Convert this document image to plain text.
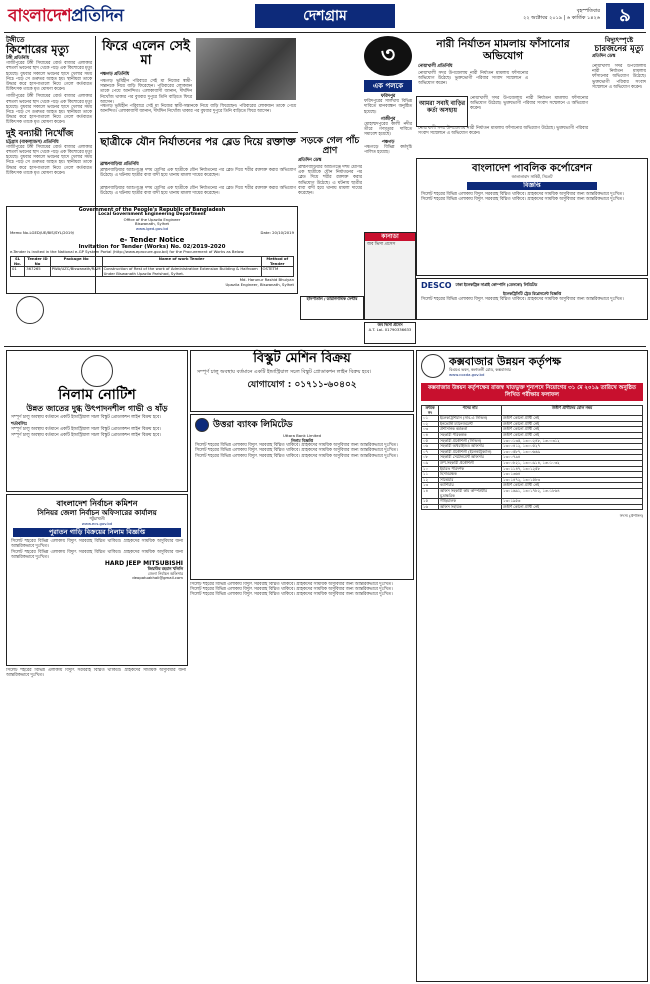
বাংলাদেশপ্রতিদিন	দেশগ্রাম	বৃহস্পতিবার
২২ অক্টোবর ২০১৯ | ৬ কার্তিক ১৪২৬	৯
টঙ্গীতে
কিশোরের মৃত্যু
টঙ্গী প্রতিনিধি
গাজীপুরের টঙ্গী সিয়ামের বোর্ড বাজার এলাকার বহুতল ভবনের ছাদ থেকে পড়ে এক কিশোরের মৃত্যু হয়েছে। বুধবার সকালে ভবনের ছাদে খেলার সময় নিচে পড়ে সে গুরুতর আহত হয়। স্থানীয়রা তাকে উদ্ধার করে হাসপাতালে নিয়ে গেলে কর্তব্যরত চিকিৎসক তাকে মৃত ঘোষণা করেন।
গাজীপুরের টঙ্গী সিয়ামের বোর্ড বাজার এলাকার বহুতল ভবনের ছাদ থেকে পড়ে এক কিশোরের মৃত্যু হয়েছে। বুধবার সকালে ভবনের ছাদে খেলার সময় নিচে পড়ে সে গুরুতর আহত হয়। স্থানীয়রা তাকে উদ্ধার করে হাসপাতালে নিয়ে গেলে কর্তব্যরত চিকিৎসক তাকে মৃত ঘোষণা করেন।
দুই বন্যায়ী নিখোঁজ
চট্টগ্রাম (বাকল্যান্ডস) প্রতিনিধি
গাজীপুরের টঙ্গী সিয়ামের বোর্ড বাজার এলাকার বহুতল ভবনের ছাদ থেকে পড়ে এক কিশোরের মৃত্যু হয়েছে। বুধবার সকালে ভবনের ছাদে খেলার সময় নিচে পড়ে সে গুরুতর আহত হয়। স্থানীয়রা তাকে উদ্ধার করে হাসপাতালে নিয়ে গেলে কর্তব্যরত চিকিৎসক তাকে মৃত ঘোষণা করেন।
ফিরে এলেন সেই মা
পঞ্চগড় প্রতিনিধি
পঞ্চগড় ভূমিহীন পরিবারে সেই মা নিজের স্বামী-সন্তানকে নিয়ে বাড়ি ফিরেছেন। পরিবারের লোকজন তাকে পেয়ে আনন্দিত। এলাকাবাসী জানান, দীর্ঘদিন নিখোঁজ থাকার পর বুধবার দুপুরে তিনি বাড়িতে ফিরে আসেন।
পঞ্চগড় ভূমিহীন পরিবারে সেই মা নিজের স্বামী-সন্তানকে নিয়ে বাড়ি ফিরেছেন। পরিবারের লোকজন তাকে পেয়ে আনন্দিত। এলাকাবাসী জানান, দীর্ঘদিন নিখোঁজ থাকার পর বুধবার দুপুরে তিনি বাড়িতে ফিরে আসেন।
ছাত্রীকে যৌন নির্যাতনের পর ব্লেড দিয়ে রক্তাক্ত
ব্রাহ্মণবাড়িয়া প্রতিনিধি
ব্রাহ্মণবাড়িয়ার আশুগঞ্জে দশম শ্রেণির এক ছাত্রীকে যৌন নির্যাতনের পর ব্লেড দিয়ে শরীর রক্তাক্ত করার অভিযোগ উঠেছে। এ ঘটনায় ছাত্রীর বাবা বাদী হয়ে থানায় মামলা দায়ের করেছেন।
ব্রাহ্মণবাড়িয়ার আশুগঞ্জে দশম শ্রেণির এক ছাত্রীকে যৌন নির্যাতনের পর ব্লেড দিয়ে শরীর রক্তাক্ত করার অভিযোগ উঠেছে। এ ঘটনায় ছাত্রীর বাবা বাদী হয়ে থানায় মামলা দায়ের করেছেন।
Government of the People's Republic of Bangladesh
Local Government Engineering Department
Office of the Upazila Engineer
Biswanath, Sylhet
www.lged.gov.bd
Memo No-LGED/UE/BIS/SYL/2019/	Date: 20/10/2019
e- Tender Notice
Invitation for Tender (Works) No. 02/2019-2020
e-Tender is invited in the National e-GP System Portal (http://www.eprocure.gov.bd) for the Procurement of Works as Below:
SL No.	Tender ID No	Package No	Name of work Tender	Method of Tender
01	367265	PWA/UZC/Biswanath/R&M	Construction of Rest of the work of Administrative Extension Building & Halfroom Under Biswanath Upazila Parishad, Sylhet.	OSTETM
Md. Harunur Rashid Bhuiyan
Upazila Engineer, Biswanath, Sylhet
সড়কে গেল পাঁচ প্রাণ
প্রতিদিন ডেস্ক
ব্রাহ্মণবাড়িয়ার আশুগঞ্জে দশম শ্রেণির এক ছাত্রীকে যৌন নির্যাতনের পর ব্লেড দিয়ে শরীর রক্তাক্ত করার অভিযোগ উঠেছে। এ ঘটনায় ছাত্রীর বাবা বাদী হয়ে থানায় মামলা দায়ের করেছেন।
৩
এক পলকে
ফরিদপুর
ফরিদপুরের সালথায় বিভিন্ন দাবিতে মানববন্ধন অনুষ্ঠিত হয়েছে।
গাজীপুর
মোহাম্মদপুরের কালী নদীর তীরে গণমৃত্যুর দাবিতে সমাবেশ হয়েছে।
পঞ্চগড়
পঞ্চগড়ে বিভিন্ন কর্মসূচি পালিত হয়েছে।
নারী নির্যাতন মামলায় ফাঁসানোর অভিযোগ
নোয়াখালী প্রতিনিধি
নোয়াখালী সদর উপজেলায় নারী নির্যাতন মামলায় ফাঁসানোর অভিযোগ উঠেছে। ভুক্তভোগী পরিবার সংবাদ সম্মেলনে এ অভিযোগ করেন।
আমরা সবাই বাড়ির কর্তা অসহায়
নোয়াখালী সদর উপজেলায় নারী নির্যাতন মামলায় ফাঁসানোর অভিযোগ উঠেছে। ভুক্তভোগী পরিবার সংবাদ সম্মেলনে এ অভিযোগ করেন।
নোয়াখালী সদর উপজেলায় নারী নির্যাতন মামলায় ফাঁসানোর অভিযোগ উঠেছে। ভুক্তভোগী পরিবার সংবাদ সম্মেলনে এ অভিযোগ করেন।
বিদ্যুৎস্পৃষ্টে
চারজনের মৃত্যু
প্রতিদিন ডেস্ক
নোয়াখালী সদর উপজেলায় নারী নির্যাতন মামলায় ফাঁসানোর অভিযোগ উঠেছে। ভুক্তভোগী পরিবার সংবাদ সম্মেলনে এ অভিযোগ করেন।
বাংলাদেশ পাবলিক কর্পোরেশন
জালালাবাদ সার্কিট, সিলেট
বিজ্ঞপ্তি
সিলেট শহরের বিভিন্ন এলাকায় বিদ্যুৎ সরবরাহ বিঘ্নিত থাকিবে। গ্রাহকদের সাময়িক অসুবিধার জন্য আন্তরিকভাবে দুঃখিত।
সিলেট শহরের বিভিন্ন এলাকায় বিদ্যুৎ সরবরাহ বিঘ্নিত থাকিবে। গ্রাহকদের সাময়িক অসুবিধার জন্য আন্তরিকভাবে দুঃখিত।
DESCO ঢাকা ইলেকট্রিক সাপ্লাই কোম্পানি (ডেসকো) লিমিটেড
ইলেকট্রিসিটি ট্রেড রিপ্লেসমেন্ট বিজ্ঞপ্তি
সিলেট শহরের বিভিন্ন এলাকায় বিদ্যুৎ সরবরাহ বিঘ্নিত থাকিবে। গ্রাহকদের সাময়িক অসুবিধার জন্য আন্তরিকভাবে দুঃখিত।
কানাডা
জব ভিসা প্রসেস
হাসপাতাল / ডায়াগনস্টিক সেন্টার
জব ভিসা প্রসেস
A.T. Lal- 01790336633
নিলাম নোটিশ
উন্নত জাতের দুগ্ধ উৎপাদনশীল গাভী ও ষাঁড়
সম্পূর্ণ চালু অবস্থায় বর্তমানে একটি ইন্ডাস্ট্রিয়াল সচল বিস্কুট প্রোডাকশন লাইন বিক্রয় হবে।
শর্তাবলিঃ
সম্পূর্ণ চালু অবস্থায় বর্তমানে একটি ইন্ডাস্ট্রিয়াল সচল বিস্কুট প্রোডাকশন লাইন বিক্রয় হবে।
সম্পূর্ণ চালু অবস্থায় বর্তমানে একটি ইন্ডাস্ট্রিয়াল সচল বিস্কুট প্রোডাকশন লাইন বিক্রয় হবে।
বিস্কুট মেশিন বিক্রয়
সম্পূর্ণ চালু অবস্থায় বর্তমানে একটি ইন্ডাস্ট্রিয়াল সচল বিস্কুট প্রোডাকশন লাইন বিক্রয় হবে।
যোগাযোগ : ০১৭১১-৬০৪০২
উত্তরা ব্যাংক লিমিটেড
Uttara Bank Limited
নিলাম বিজ্ঞপ্তি
সিলেট শহরের বিভিন্ন এলাকায় বিদ্যুৎ সরবরাহ বিঘ্নিত থাকিবে। গ্রাহকদের সাময়িক অসুবিধার জন্য আন্তরিকভাবে দুঃখিত।
সিলেট শহরের বিভিন্ন এলাকায় বিদ্যুৎ সরবরাহ বিঘ্নিত থাকিবে। গ্রাহকদের সাময়িক অসুবিধার জন্য আন্তরিকভাবে দুঃখিত।
সিলেট শহরের বিভিন্ন এলাকায় বিদ্যুৎ সরবরাহ বিঘ্নিত থাকিবে। গ্রাহকদের সাময়িক অসুবিধার জন্য আন্তরিকভাবে দুঃখিত।
বাংলাদেশ নির্বাচন কমিশন
সিনিয়র জেলা নির্বাচন অফিসারের কার্যালয়
পটুয়াখালী
www.ecs.gov.bd
পুরাতন গাড়ি বিক্রয়ের নিলাম বিজ্ঞপ্তি
সিলেট শহরের বিভিন্ন এলাকায় বিদ্যুৎ সরবরাহ বিঘ্নিত থাকিবে। গ্রাহকদের সাময়িক অসুবিধার জন্য আন্তরিকভাবে দুঃখিত।
সিলেট শহরের বিভিন্ন এলাকায় বিদ্যুৎ সরবরাহ বিঘ্নিত থাকিবে। গ্রাহকদের সাময়িক অসুবিধার জন্য আন্তরিকভাবে দুঃখিত।
HARD JEEP MITSUBISHI
জিয়াউর রহমান খলিলি
জেলা নির্বাচন অফিসার
deopatuakhali@gmail.com
কক্সবাজার উন্নয়ন কর্তৃপক্ষ
বিএমএ ভবন, কলাতলী রোড, কক্সবাজার
www.coxda.gov.bd
কক্সবাজার উন্নয়ন কর্তৃপক্ষের রাজস্ব খাতভুক্ত শূন্যপদে নিয়োগের ৩১ মে ২০১৯ তারিখে অনুষ্ঠিত লিখিত পরীক্ষার ফলাফল
ক্রমিক নং	পদের নাম	উত্তীর্ণ প্রার্থীদের রোল নম্বর
০১	ইলেকট্রিশিয়ান (সাব-এ সিভিল)	উত্তীর্ণ কোনো প্রার্থী নেই
০২	ইনভেস্টি ম্যানেজমেন্ট	উত্তীর্ণ কোনো প্রার্থী নেই
০৩	প্রশাসনিক কর্মকর্তা	উত্তীর্ণ কোনো প্রার্থী নেই
০৪	সহকারী পরিকল্পক	উত্তীর্ণ কোনো প্রার্থী নেই
০৫	সহকারী প্রকৌশলী (সিভিল)	১৩০০১৩৫, ১৩০০২৪৮, ১৩০০৩১২
০৬	সহকারী অথরাইজড অফিসার	১৩০০৪১২, ১৩০০৫২৭
০৭	সহকারী প্রকৌশলী (ইলেকট্রিক্যাল)	১৩০০৫৮৭, ১৩০০৬৬৯
০৮	সহকারী সেটেলমেন্ট অফিসার	১৩০০৭৯৪
০৯	উপ-সহকারী প্রকৌশলী	১৩০০৮২১, ১৩০০৯১৪, ১৩০১০৩২
১০	ইমারত পরিদর্শক	১৩০১১৪৭, ১৩০১২৫৮
১১	হিসাবরক্ষক	১৩০১৩৬৪
১২	সার্ভেয়ার	১৩০১৪৭২, ১৩০১৫৮৩
১৩	ক্যাশিয়ার	উত্তীর্ণ কোনো প্রার্থী নেই
১৪	অফিস সহকারী কাম কম্পিউটার মুদ্রাক্ষরিক	১৩০১৬৯১, ১৩০১৭৮২, ১৩০১৮৬৪
১৫	গাড়িচালক	১৩০১৯৫৩
১৬	অফিস সহায়ক	উত্তীর্ণ কোনো প্রার্থী নেই
সদস্য (প্রশাসন)
সিলেট শহরের বিভিন্ন এলাকায় বিদ্যুৎ সরবরাহ বিঘ্নিত থাকিবে। গ্রাহকদের সাময়িক অসুবিধার জন্য আন্তরিকভাবে দুঃখিত।
সিলেট শহরের বিভিন্ন এলাকায় বিদ্যুৎ সরবরাহ বিঘ্নিত থাকিবে। গ্রাহকদের সাময়িক অসুবিধার জন্য আন্তরিকভাবে দুঃখিত।
সিলেট শহরের বিভিন্ন এলাকায় বিদ্যুৎ সরবরাহ বিঘ্নিত থাকিবে। গ্রাহকদের সাময়িক অসুবিধার জন্য আন্তরিকভাবে দুঃখিত।
সিলেট শহরের বিভিন্ন এলাকায় বিদ্যুৎ সরবরাহ বিঘ্নিত থাকিবে। গ্রাহকদের সাময়িক অসুবিধার জন্য আন্তরিকভাবে দুঃখিত।
